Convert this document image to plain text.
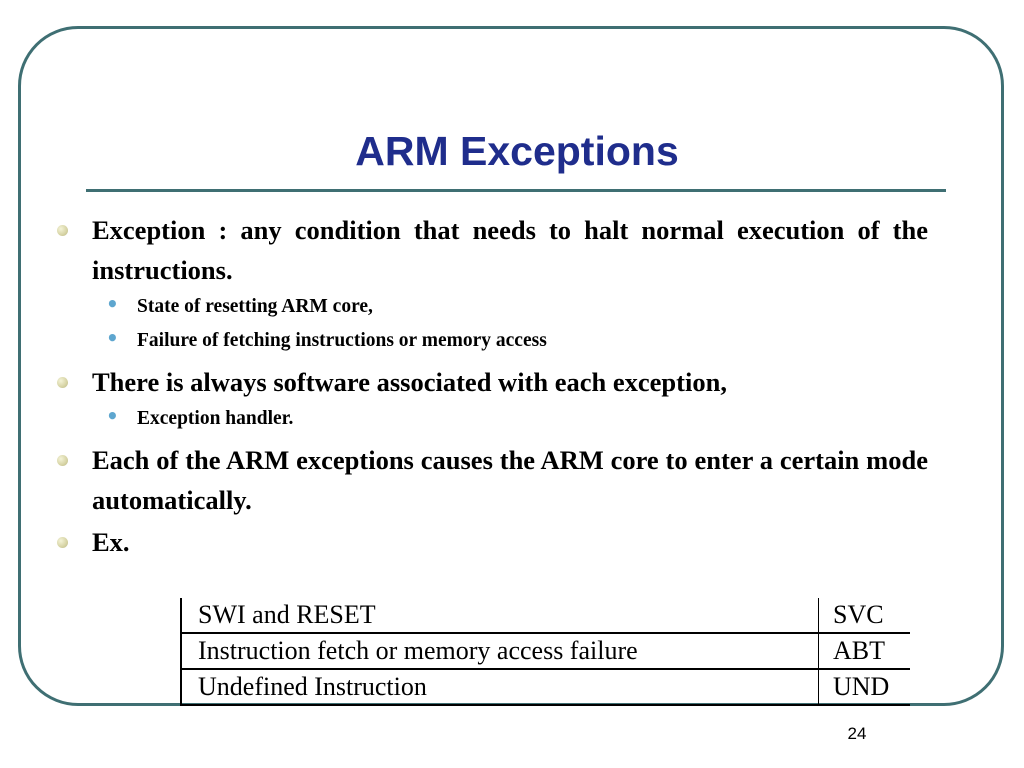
ARM Exceptions
Exception : any condition that needs to halt normal execution of the instructions.
• State of resetting ARM core,
• Failure of fetching instructions or memory access
There is always software associated with each exception,
• Exception handler.
Each of the ARM exceptions causes the ARM core to enter a certain mode automatically.
Ex.
SWI and RESET	SVC
Instruction fetch or memory access failure	ABT
Undefined Instruction	UND
24
